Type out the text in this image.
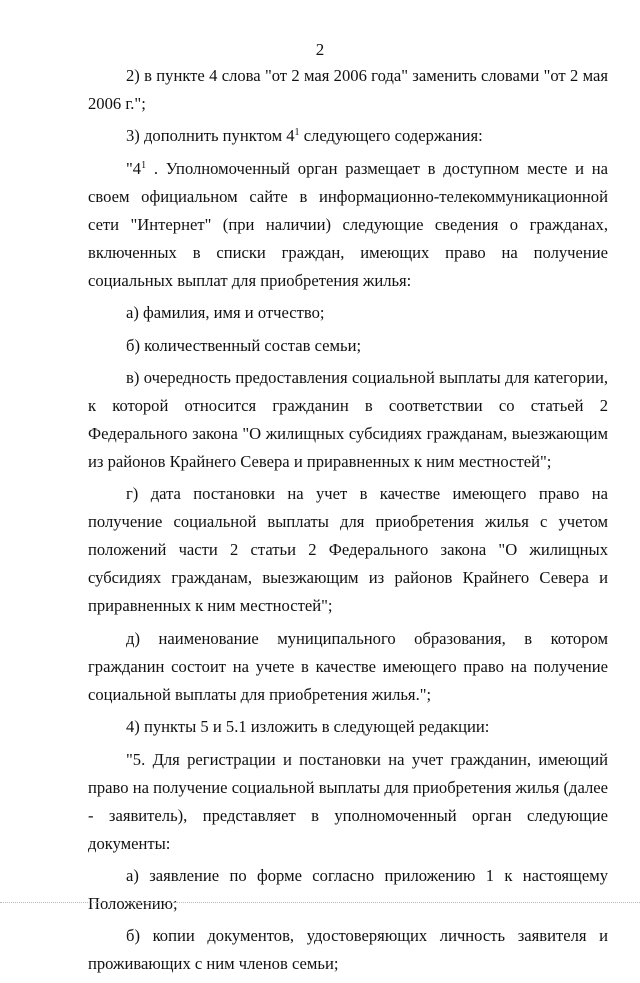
2

2) в пункте 4 слова "от 2 мая 2006 года" заменить словами "от 2 мая 2006 г.";

3) дополнить пунктом $4^1$ следующего содержания:

"$4^1$ . Уполномоченный орган размещает в доступном месте и на своем официальном сайте в информационно-телекоммуникационной сети "Интернет" (при наличии) следующие сведения о гражданах, включенных в списки граждан, имеющих право на получение социальных выплат для приобретения жилья:

а) фамилия, имя и отчество;

б) количественный состав семьи;

в) очередность предоставления социальной выплаты для категории, к которой относится гражданин в соответствии со статьей 2 Федерального закона "О жилищных субсидиях гражданам, выезжающим из районов Крайнего Севера и приравненных к ним местностей";

г) дата постановки на учет в качестве имеющего право на получение социальной выплаты для приобретения жилья с учетом положений части 2 статьи 2 Федерального закона "О жилищных субсидиях гражданам, выезжающим из районов Крайнего Севера и приравненных к ним местностей";

д) наименование муниципального образования, в котором гражданин состоит на учете в качестве имеющего право на получение социальной выплаты для приобретения жилья.";

4) пункты 5 и 5.1 изложить в следующей редакции:

"5. Для регистрации и постановки на учет гражданин, имеющий право на получение социальной выплаты для приобретения жилья (далее - заявитель), представляет в уполномоченный орган следующие документы:

а) заявление по форме согласно приложению 1 к настоящему Положению;

б) копии документов, удостоверяющих личность заявителя и проживающих с ним членов семьи;
